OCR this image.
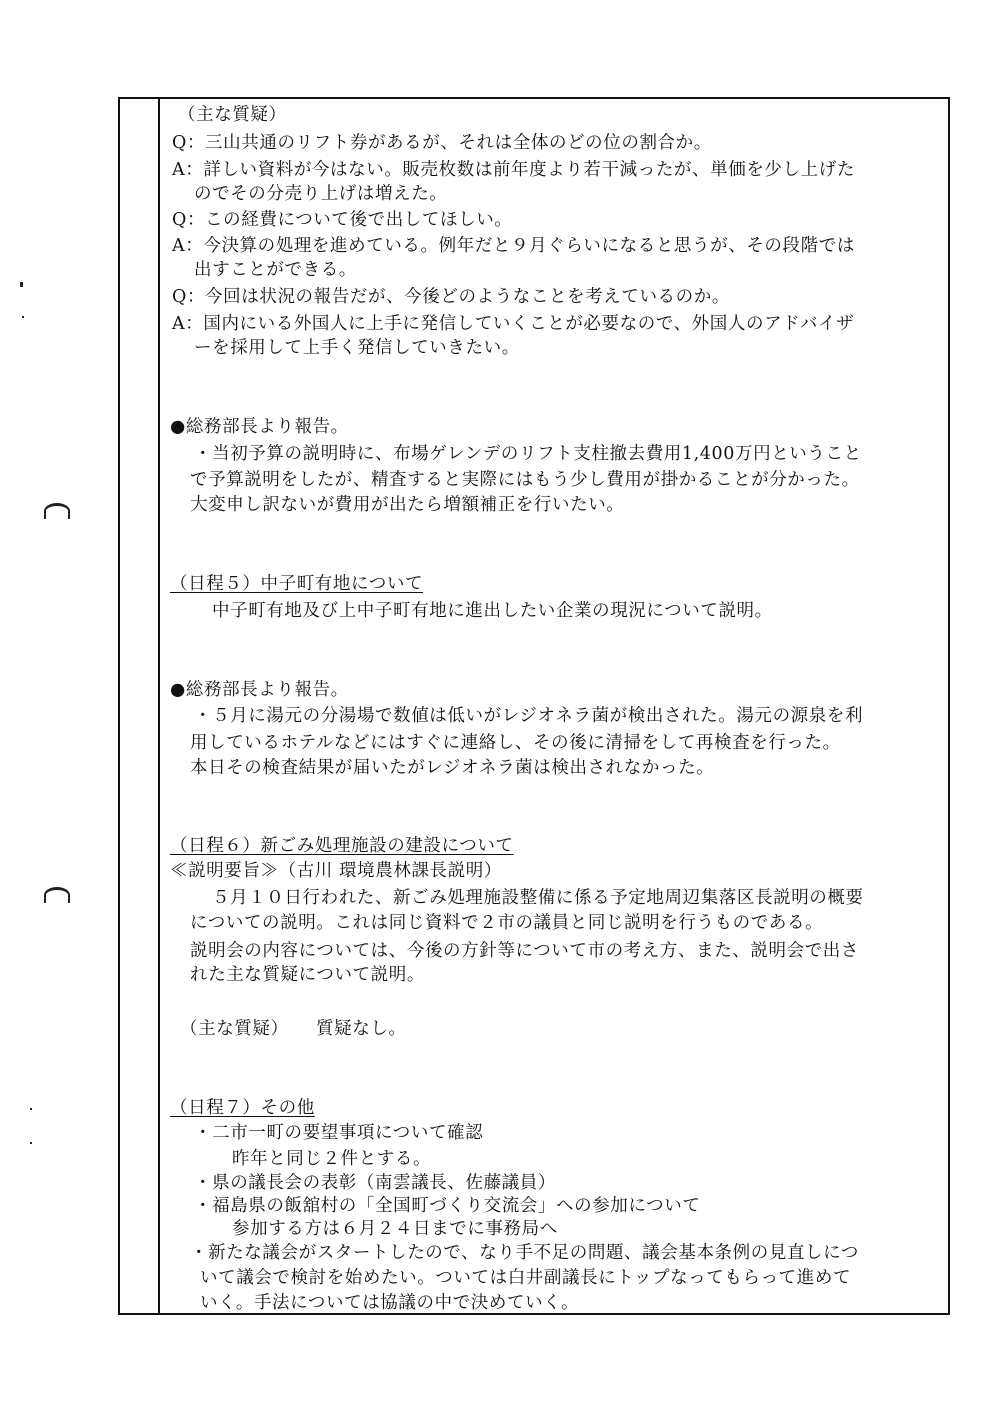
（主な質疑）
Q：三山共通のリフト券があるが、それは全体のどの位の割合か。
A：詳しい資料が今はない。販売枚数は前年度より若干減ったが、単価を少し上げた
のでその分売り上げは増えた。
Q：この経費について後で出してほしい。
A：今決算の処理を進めている。例年だと９月ぐらいになると思うが、その段階では
出すことができる。
Q：今回は状況の報告だが、今後どのようなことを考えているのか。
A：国内にいる外国人に上手に発信していくことが必要なので、外国人のアドバイザ
ーを採用して上手く発信していきたい。
●総務部長より報告。
・当初予算の説明時に、布場ゲレンデのリフト支柱撤去費用1,400万円ということ
で予算説明をしたが、精査すると実際にはもう少し費用が掛かることが分かった。
大変申し訳ないが費用が出たら増額補正を行いたい。
（日程５）中子町有地について
中子町有地及び上中子町有地に進出したい企業の現況について説明。
●総務部長より報告。
・５月に湯元の分湯場で数値は低いがレジオネラ菌が検出された。湯元の源泉を利
用しているホテルなどにはすぐに連絡し、その後に清掃をして再検査を行った。
本日その検査結果が届いたがレジオネラ菌は検出されなかった。
（日程６）新ごみ処理施設の建設について
≪説明要旨≫（古川 環境農林課長説明）
５月１０日行われた、新ごみ処理施設整備に係る予定地周辺集落区長説明の概要
についての説明。これは同じ資料で２市の議員と同じ説明を行うものである。
説明会の内容については、今後の方針等について市の考え方、また、説明会で出さ
れた主な質疑について説明。
（主な質疑）　　質疑なし。
（日程７）その他
・二市一町の要望事項について確認
昨年と同じ２件とする。
・県の議長会の表彰（南雲議長、佐藤議員）
・福島県の飯舘村の「全国町づくり交流会」への参加について
参加する方は６月２４日までに事務局へ
・新たな議会がスタートしたので、なり手不足の問題、議会基本条例の見直しにつ
いて議会で検討を始めたい。ついては白井副議長にトップなってもらって進めて
いく。手法については協議の中で決めていく。
